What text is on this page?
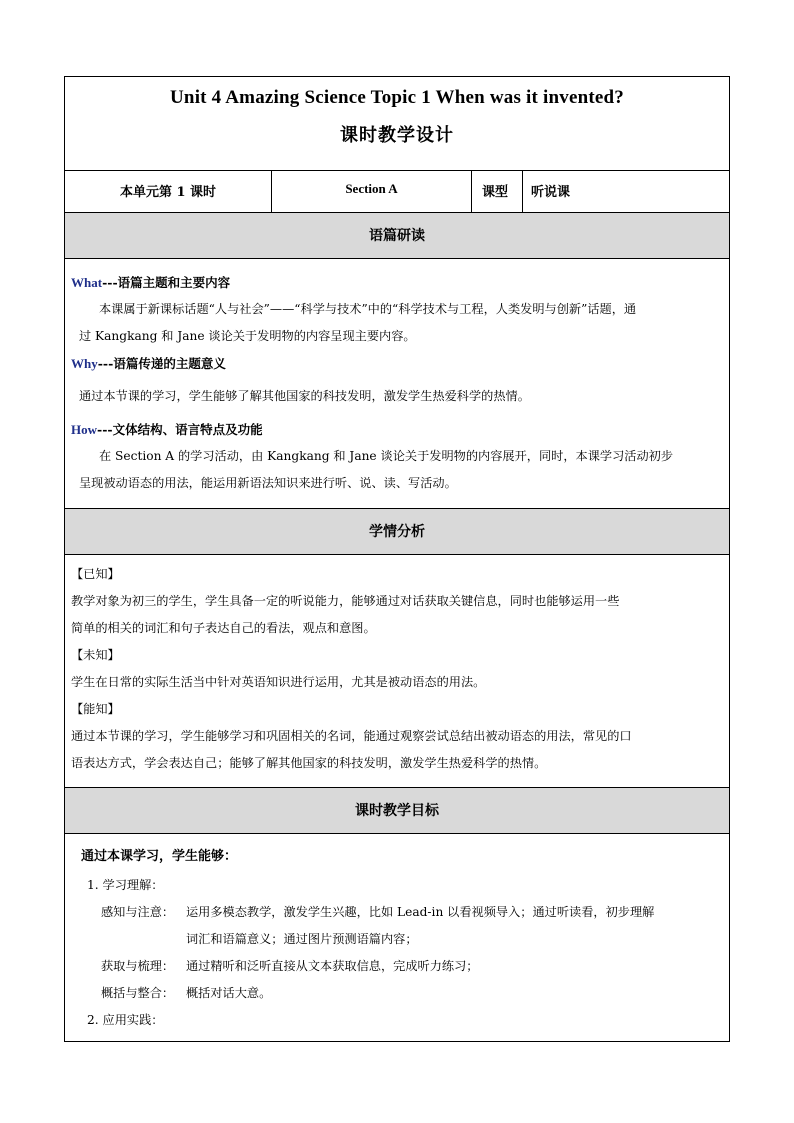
Unit 4 Amazing Science Topic 1 When was it invented?
课时教学设计
本单元第 1 课时	Section A	课型	听说课
语篇研读
What---语篇主题和主要内容
本课属于新课标话题“人与社会”——“科学与技术”中的“科学技术与工程，人类发明与创新”话题，通
过 Kangkang 和 Jane 谈论关于发明物的内容呈现主要内容。
Why---语篇传递的主题意义
通过本节课的学习，学生能够了解其他国家的科技发明，激发学生热爱科学的热情。
How---文体结构、语言特点及功能
在 Section A 的学习活动，由 Kangkang 和 Jane 谈论关于发明物的内容展开，同时，本课学习活动初步
呈现被动语态的用法，能运用新语法知识来进行听、说、读、写活动。
学情分析
【已知】
教学对象为初三的学生，学生具备一定的听说能力，能够通过对话获取关键信息，同时也能够运用一些
简单的相关的词汇和句子表达自己的看法，观点和意图。
【未知】
学生在日常的实际生活当中针对英语知识进行运用，尤其是被动语态的用法。
【能知】
通过本节课的学习，学生能够学习和巩固相关的名词，能通过观察尝试总结出被动语态的用法，常见的口
语表达方式，学会表达自己；能够了解其他国家的科技发明，激发学生热爱科学的热情。
课时教学目标
通过本课学习，学生能够：
1. 学习理解：
感知与注意： 运用多模态教学，激发学生兴趣，比如 Lead-in 以看视频导入；通过听读看，初步理解
词汇和语篇意义；通过图片预测语篇内容；
获取与梳理： 通过精听和泛听直接从文本获取信息，完成听力练习；
概括与整合： 概括对话大意。
2. 应用实践：
